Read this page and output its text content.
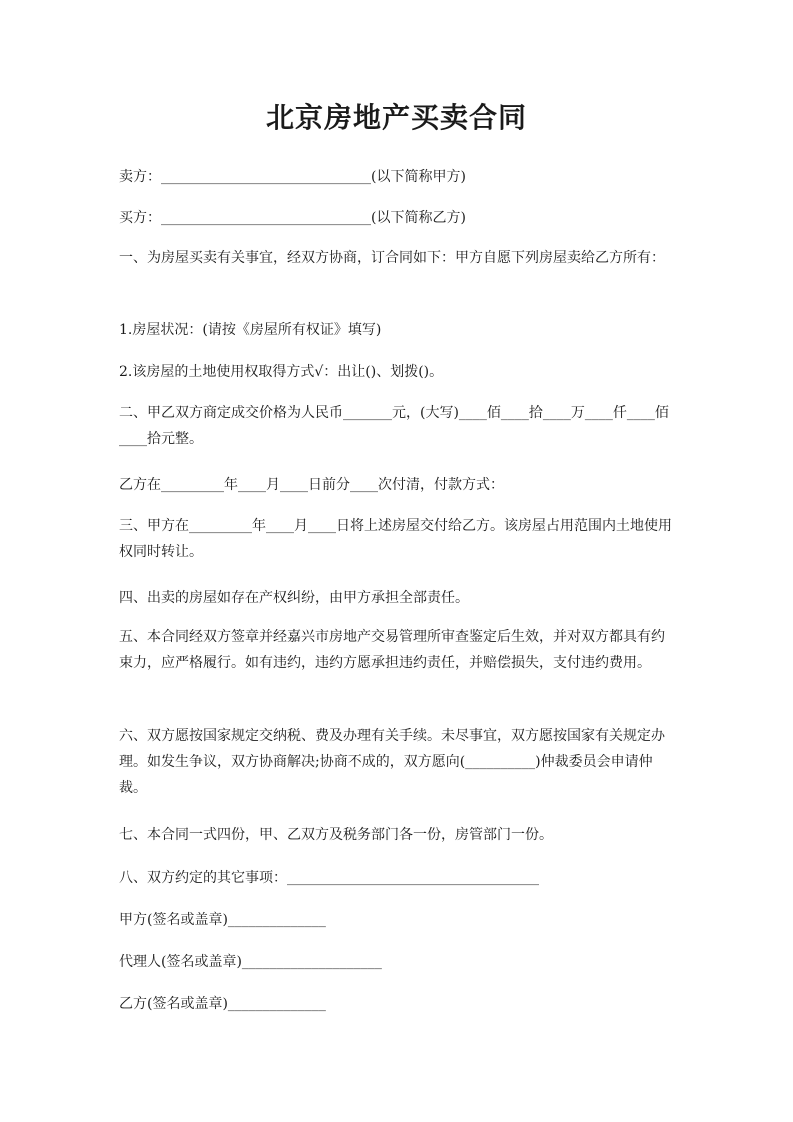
北京房地产买卖合同
卖方：______________________________(以下简称甲方)
买方：______________________________(以下简称乙方)
一、为房屋买卖有关事宜，经双方协商，订合同如下：甲方自愿下列房屋卖给乙方所有：
1.房屋状况：(请按《房屋所有权证》填写)
2.该房屋的土地使用权取得方式√：出让()、划拨()。
二、甲乙双方商定成交价格为人民币_______元，(大写)____佰____拾____万____仟____佰____拾元整。
乙方在_________年____月____日前分____次付清，付款方式：
三、甲方在_________年____月____日将上述房屋交付给乙方。该房屋占用范围内土地使用权同时转让。
四、出卖的房屋如存在产权纠纷，由甲方承担全部责任。
五、本合同经双方签章并经嘉兴市房地产交易管理所审查鉴定后生效，并对双方都具有约束力，应严格履行。如有违约，违约方愿承担违约责任，并赔偿损失，支付违约费用。
六、双方愿按国家规定交纳税、费及办理有关手续。未尽事宜，双方愿按国家有关规定办理。如发生争议，双方协商解决;协商不成的，双方愿向(__________)仲裁委员会申请仲裁。
七、本合同一式四份，甲、乙双方及税务部门各一份，房管部门一份。
八、双方约定的其它事项：____________________________________
甲方(签名或盖章)______________
代理人(签名或盖章)____________________
乙方(签名或盖章)______________
